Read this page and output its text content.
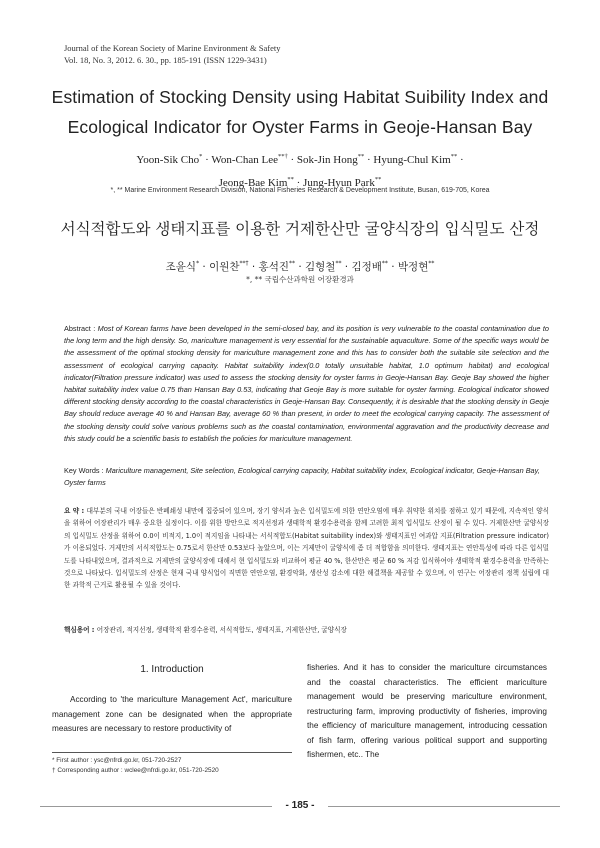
Journal of the Korean Society of Marine Environment & Safety
Vol. 18, No. 3, 2012. 6. 30., pp. 185-191 (ISSN 1229-3431)
Estimation of Stocking Density using Habitat Suibility Index and
Ecological Indicator for Oyster Farms in Geoje-Hansan Bay
Yoon-Sik Cho* · Won-Chan Lee**† · Sok-Jin Hong** · Hyung-Chul Kim** ·
Jeong-Bae Kim** · Jung-Hyun Park**
*, ** Marine Environment Research Division, National Fisheries Research & Development Institute, Busan, 619-705, Korea
서식적합도와 생태지표를 이용한 거제한산만 굴양식장의 입식밀도 산정
조윤식* · 이원찬**† · 홍석진** · 김형철** · 김정배** · 박정현**
*, ** 국립수산과학원 어장환경과
Abstract : Most of Korean farms have been developed in the semi-closed bay, and its position is very vulnerable to the coastal contamination due to the long term and the high density. So, mariculture management is very essential for the sustainable aquaculture. Some of the specific ways would be the assessment of the optimal stocking density for mariculture management zone and this has to consider both the suitable site selection and the assessment of ecological carrying capacity. Habitat suitability index(0.0 totally unsuitable habitat, 1.0 optimum habitat) and ecological indicator(Filtration pressure indicator) was used to assess the stocking density for oyster farms in Geoje-Hansan Bay. Geoje Bay showed the higher habitat suitability index value 0.75 than Hansan Bay 0.53, indicating that Geoje Bay is more suitable for oyster farming. Ecological indicator showed different stocking density according to the coastal characteristics in Geoje-Hansan Bay. Consequently, it is desirable that the stocking density in Geoje Bay should reduce average 40 % and Hansan Bay, average 60 % than present, in order to meet the ecological carrying capacity. The assessment of the stocking density could solve various problems such as the coastal contamination, environmental aggravation and the productivity decrease and this study could be a scientific basis to establish the policies for mariculture management.
Key Words : Mariculture management, Site selection, Ecological carrying capacity, Habitat suitability index, Ecological indicator, Geoje-Hansan Bay, Oyster farms
요 약 : 대부분의 국내 어장들은 반폐쇄성 내만에 집중되어 있으며, 장기 양식과 높은 입식밀도에 의한 연안오염에 매우 취약한 위치를 점하고 있기 때문에, 지속적인 양식을 위하여 어장관리가 매우 중요한 실정이다. 이를 위한 방안으로 적지선정과 생태학적 환경수용력을 함께 고려한 최적 입식밀도 산정이 될 수 있다. 거제한산만 굴양식장의 입식밀도 산정을 위하여 0.0이 비적지, 1.0이 적지임을 나타내는 서식적합도(Habitat suitability index)와 생태지표인 여과압 지표(Filtration pressure indicator)가 이용되었다. 거제만의 서식적합도는 0.75로서 한산만 0.53보다 높았으며, 이는 거제만이 굴양식에 좀 더 적합함을 의미한다. 생태지표는 연안특성에 따라 다른 입식밀도를 나타내었으며, 결과적으로 거제만의 굴양식장에 대해서 현 입식밀도와 비교하여 평균 40 %, 한산만은 평균 60 % 저감 입식하여야 생태학적 환경수용력을 만족하는 것으로 나타났다. 입식밀도의 산정은 현재 국내 양식업이 직면한 연안오염, 환경악화, 생산성 감소에 대한 해결책을 제공할 수 있으며, 이 연구는 어장관리 정책 설립에 대한 과학적 근거로 활용될 수 있을 것이다.
핵심용어 : 어장관리, 적지선정, 생태학적 환경수용력, 서식적합도, 생태지표, 거제한산만, 굴양식장
1. Introduction
According to 'the mariculture Management Act', mariculture management zone can be designated when the appropriate measures are necessary to restore productivity of
fisheries. And it has to consider the mariculture circumstances and the coastal characteristics. The efficient mariculture management would be preserving mariculture environment, restructuring farm, improving productivity of fisheries, improving the efficiency of mariculture management, introducing cessation of fish farm, offering various political support and supporting fishermen, etc.. The
* First author : ysc@nfrdi.go.kr, 051-720-2527
† Corresponding author : wclee@nfrdi.go.kr, 051-720-2520
- 185 -
